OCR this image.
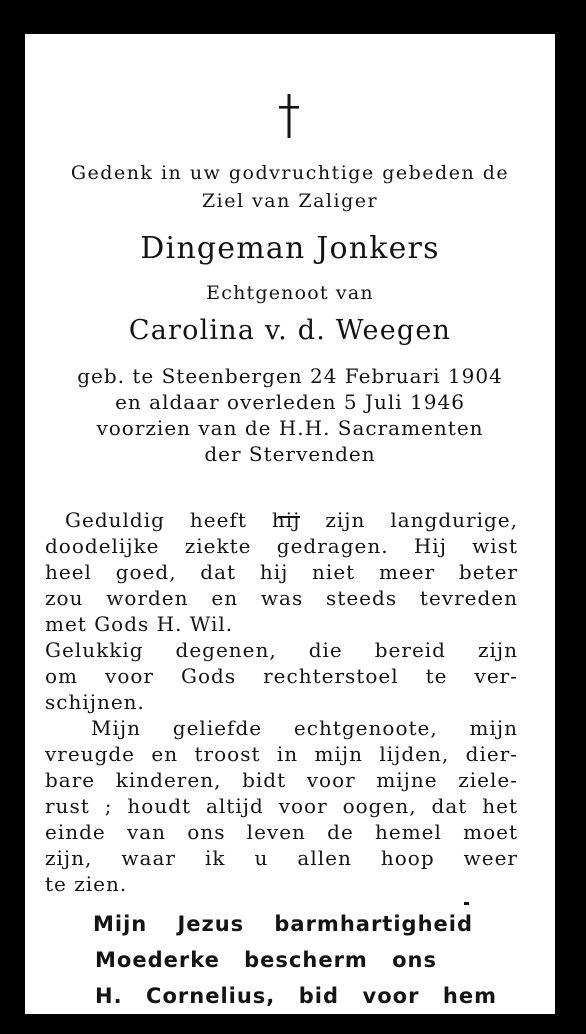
Gedenk in uw godvruchtige gebeden de
Ziel van Zaliger
Dingeman Jonkers
Echtgenoot van
Carolina v. d. Weegen
geb. te Steenbergen 24 Februari 1904
en aldaar overleden 5 Juli 1946
voorzien van de H.H. Sacramenten
der Stervenden
Geduldig heeft hij zijn langdurige,
doodelijke ziekte gedragen. Hij wist
heel goed, dat hij niet meer beter
zou worden en was steeds tevreden
met Gods H. Wil.
Gelukkig degenen, die bereid zijn
om voor Gods rechterstoel te ver-
schijnen.
Mijn geliefde echtgenoote, mijn
vreugde en troost in mijn lijden, dier-
bare kinderen, bidt voor mijne ziele-
rust ; houdt altijd voor oogen, dat het
einde van ons leven de hemel moet
zijn, waar ik u allen hoop weer
te zien.
Mijn Jezus barmhartigheid
Moederke bescherm ons
H. Cornelius, bid voor hem
